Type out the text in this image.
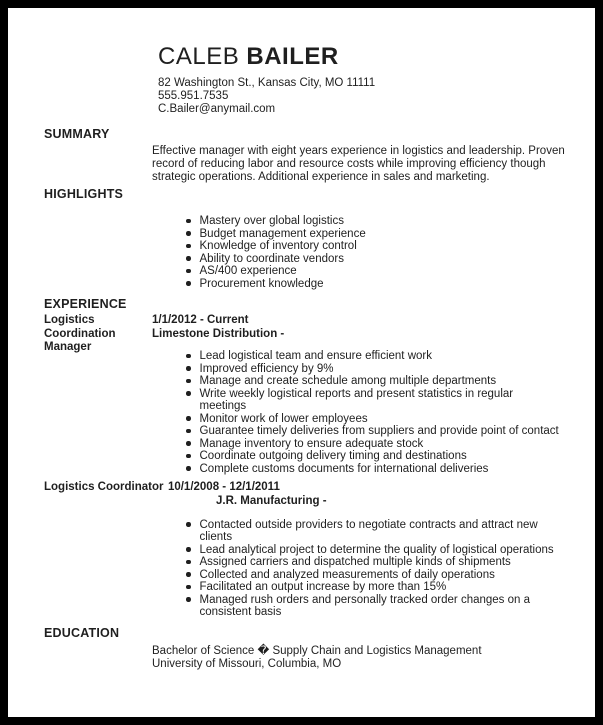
CALEB BAILER
82 Washington St., Kansas City, MO 11111
555.951.7535
C.Bailer@anymail.com
SUMMARY

Effective manager with eight years experience in logistics and leadership. Proven record of reducing labor and resource costs while improving efficiency though strategic operations. Additional experience in sales and marketing.

HIGHLIGHTS
Mastery over global logistics
Budget management experience
Knowledge of inventory control
Ability to coordinate vendors
AS/400 experience
Procurement knowledge
EXPERIENCE
Logistics Coordination Manager
1/1/2012 - Current
Limestone Distribution -
Lead logistical team and ensure efficient work
Improved efficiency by 9%
Manage and create schedule among multiple departments
Write weekly logistical reports and present statistics in regular meetings
Monitor work of lower employees
Guarantee timely deliveries from suppliers and provide point of contact
Manage inventory to ensure adequate stock
Coordinate outgoing delivery timing and destinations
Complete customs documents for international deliveries
Logistics Coordinator 10/1/2008 - 12/1/2011
J.R. Manufacturing -
Contacted outside providers to negotiate contracts and attract new clients
Lead analytical project to determine the quality of logistical operations
Assigned carriers and dispatched multiple kinds of shipments
Collected and analyzed measurements of daily operations
Facilitated an output increase by more than 15%
Managed rush orders and personally tracked order changes on a consistent basis
EDUCATION
Bachelor of Science � Supply Chain and Logistics Management
University of Missouri, Columbia, MO
